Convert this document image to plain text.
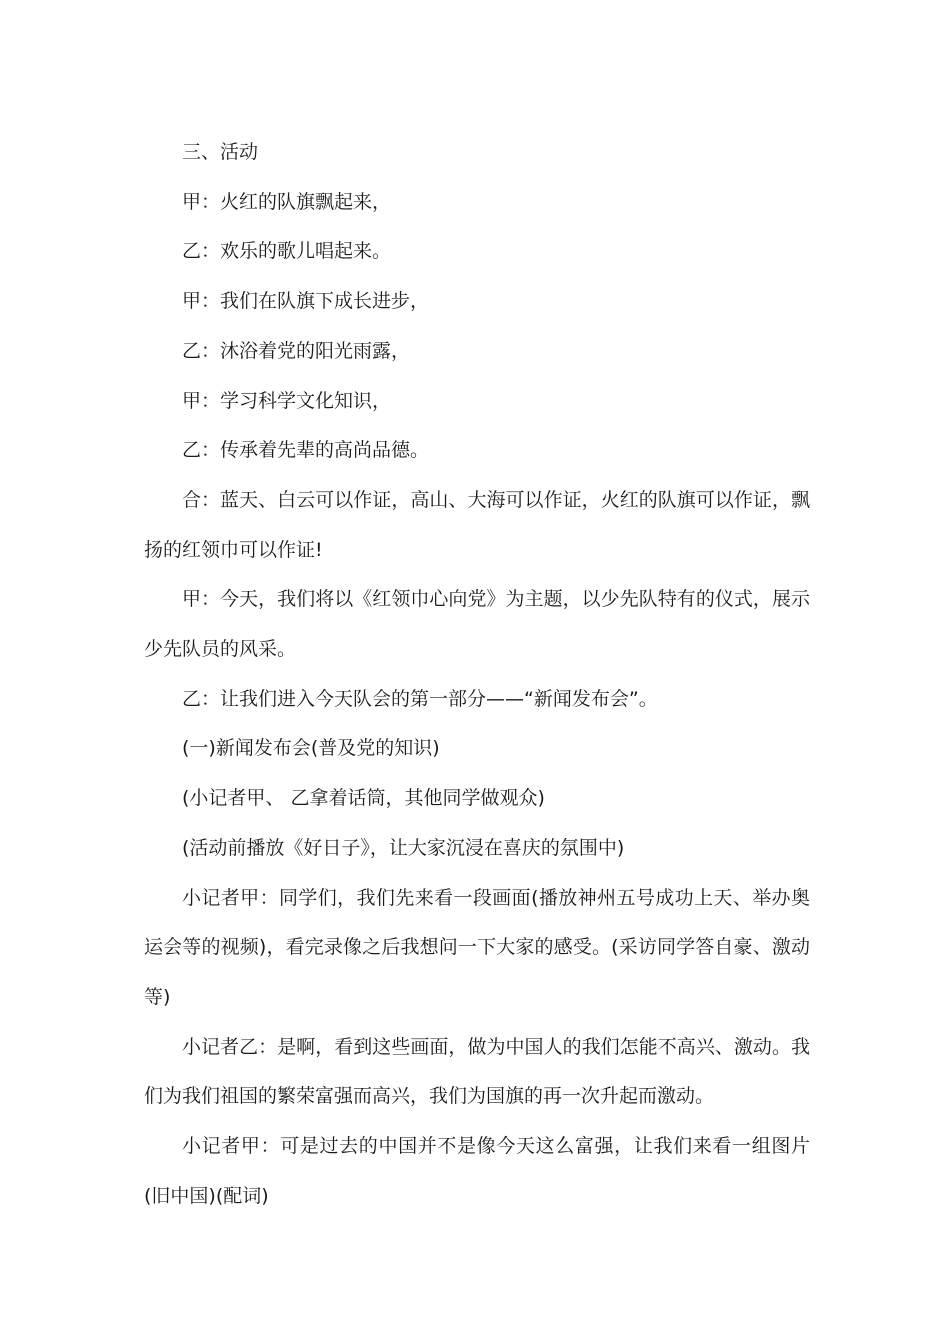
三、活动

甲：火红的队旗飘起来，

乙：欢乐的歌儿唱起来。

甲：我们在队旗下成长进步，

乙：沐浴着党的阳光雨露，

甲：学习科学文化知识，

乙：传承着先辈的高尚品德。

合：蓝天、白云可以作证，高山、大海可以作证，火红的队旗可以作证，飘扬的红领巾可以作证!

甲：今天，我们将以《红领巾心向党》为主题，以少先队特有的仪式，展示少先队员的风采。

乙：让我们进入今天队会的第一部分——“新闻发布会”。

(一)新闻发布会(普及党的知识)

(小记者甲、 乙拿着话筒，其他同学做观众)

(活动前播放《好日子》，让大家沉浸在喜庆的氛围中)

小记者甲：同学们，我们先来看一段画面(播放神州五号成功上天、举办奥运会等的视频)，看完录像之后我想问一下大家的感受。(采访同学答自豪、激动等)

小记者乙：是啊，看到这些画面，做为中国人的我们怎能不高兴、激动。我们为我们祖国的繁荣富强而高兴，我们为国旗的再一次升起而激动。

小记者甲：可是过去的中国并不是像今天这么富强，让我们来看一组图片(旧中国)(配词)
